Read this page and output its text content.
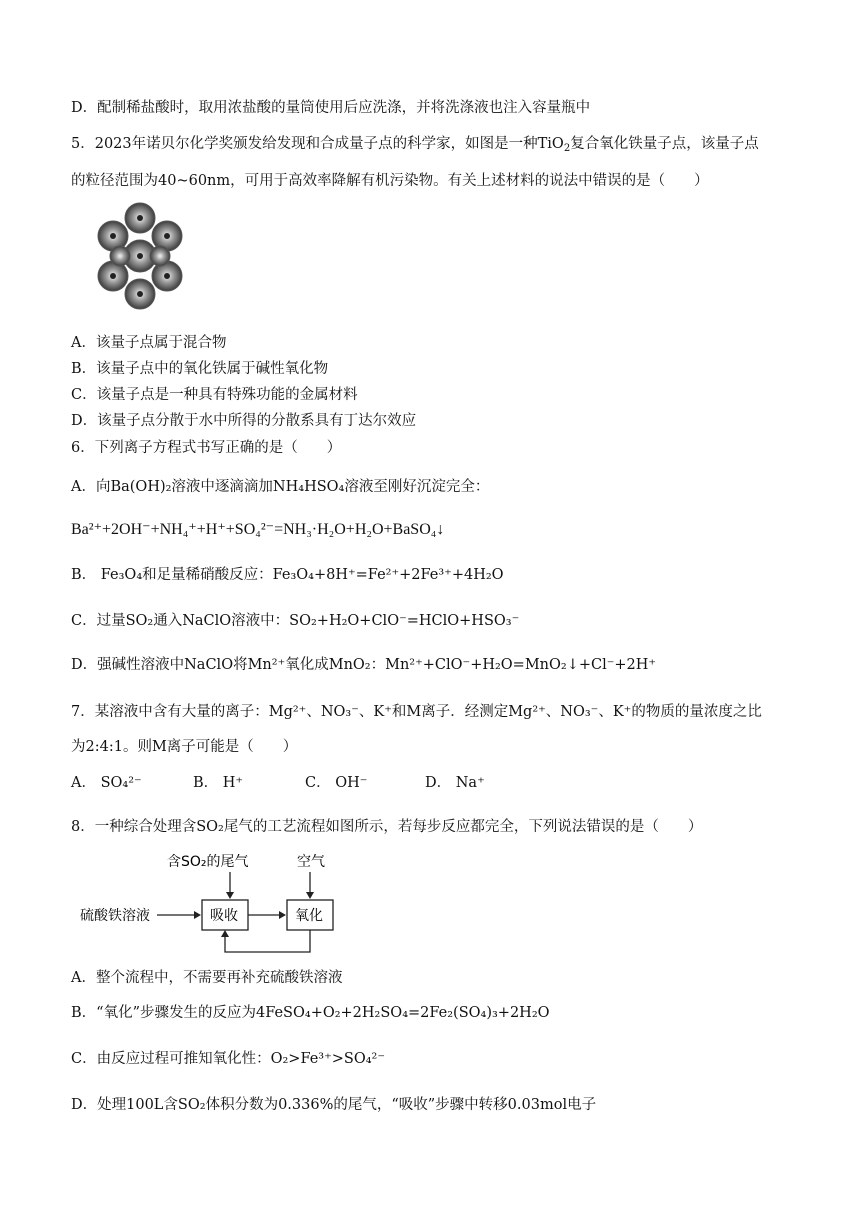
D．配制稀盐酸时，取用浓盐酸的量筒使用后应洗涤，并将洗涤液也注入容量瓶中
5．2023年诺贝尔化学奖颁发给发现和合成量子点的科学家，如图是一种TiO$_2$复合氧化铁量子点，该量子点
的粒径范围为40~60nm，可用于高效率降解有机污染物。有关上述材料的说法中错误的是（　　）
A．该量子点属于混合物
B．该量子点中的氧化铁属于碱性氧化物
C．该量子点是一种具有特殊功能的金属材料
D．该量子点分散于水中所得的分散系具有丁达尔效应
6．下列离子方程式书写正确的是（　　）
A．向Ba(OH)₂溶液中逐滴滴加NH₄HSO₄溶液至刚好沉淀完全：
Ba²⁺+2OH⁻+NH₄⁺+H⁺+SO₄²⁻=NH₃·H₂O+H₂O+BaSO₄↓
B． Fe₃O₄和足量稀硝酸反应：Fe₃O₄+8H⁺=Fe²⁺+2Fe³⁺+4H₂O
C．过量SO₂通入NaClO溶液中：SO₂+H₂O+ClO⁻=HClO+HSO₃⁻
D．强碱性溶液中NaClO将Mn²⁺氧化成MnO₂：Mn²⁺+ClO⁻+H₂O=MnO₂↓+Cl⁻+2H⁺
7．某溶液中含有大量的离子：Mg²⁺、NO₃⁻、K⁺和M离子．经测定Mg²⁺、NO₃⁻、K⁺的物质的量浓度之比
为2:4:1。则M离子可能是（　　）
A． SO₄²⁻	B． H⁺	C． OH⁻	D． Na⁺
8．一种综合处理含SO₂尾气的工艺流程如图所示，若每步反应都完全，下列说法错误的是（　　）
含SO₂的尾气	空气
硫酸铁溶液	吸收	氧化
A．整个流程中，不需要再补充硫酸铁溶液
B．“氧化”步骤发生的反应为4FeSO₄+O₂+2H₂SO₄=2Fe₂(SO₄)₃+2H₂O
C．由反应过程可推知氧化性：O₂>Fe³⁺>SO₄²⁻
D．处理100L含SO₂体积分数为0.336%的尾气，“吸收”步骤中转移0.03mol电子
